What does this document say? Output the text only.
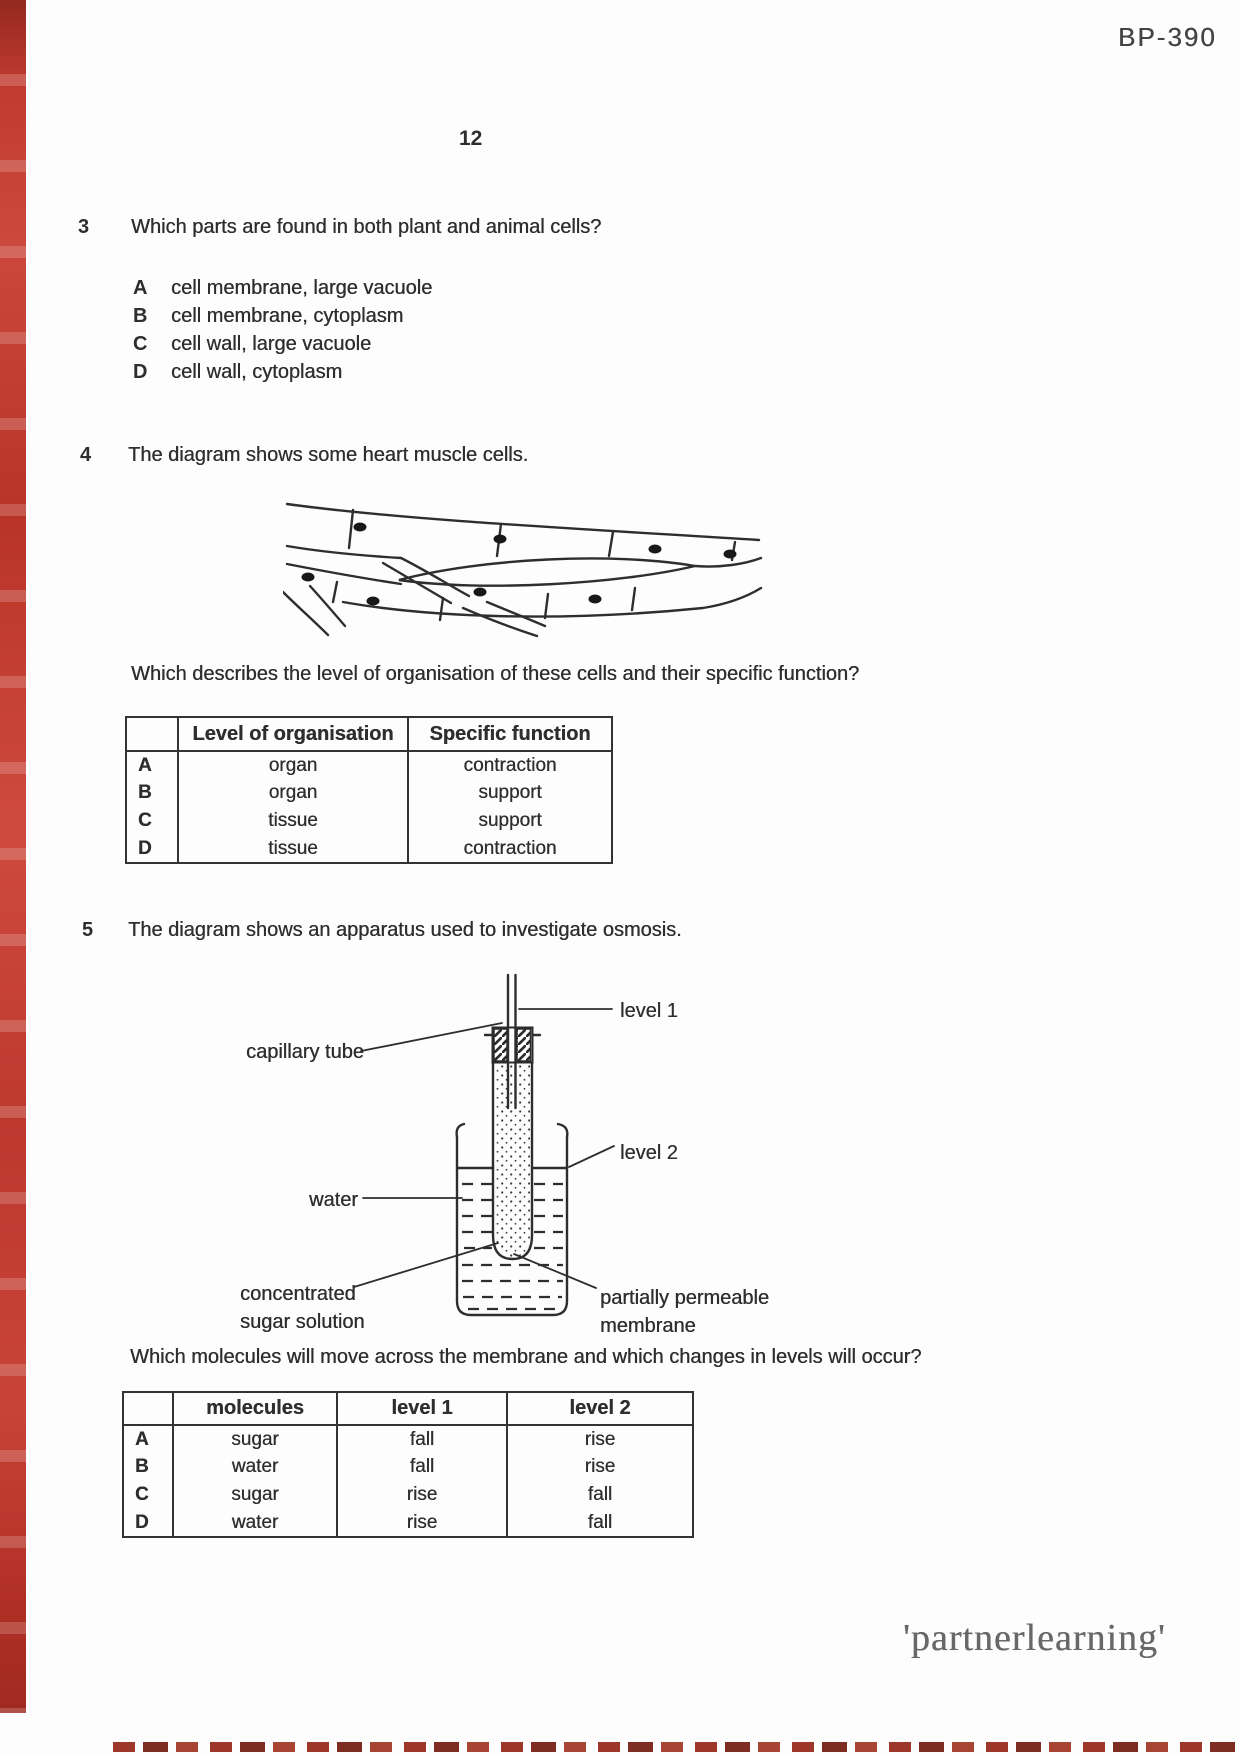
BP-390
12
3 Which parts are found in both plant and animal cells?
A cell membrane, large vacuole
B cell membrane, cytoplasm
C cell wall, large vacuole
D cell wall, cytoplasm
4 The diagram shows some heart muscle cells.
Which describes the level of organisation of these cells and their specific function?
	Level of organisation	Specific function
A	organ	contraction
B	organ	support
C	tissue	support
D	tissue	contraction
5 The diagram shows an apparatus used to investigate osmosis.
level 1
capillary tube
level 2
water
concentrated
sugar solution
partially permeable
membrane
Which molecules will move across the membrane and which changes in levels will occur?
	molecules	level 1	level 2
A	sugar	fall	rise
B	water	fall	rise
C	sugar	rise	fall
D	water	rise	fall
'partnerlearning'
